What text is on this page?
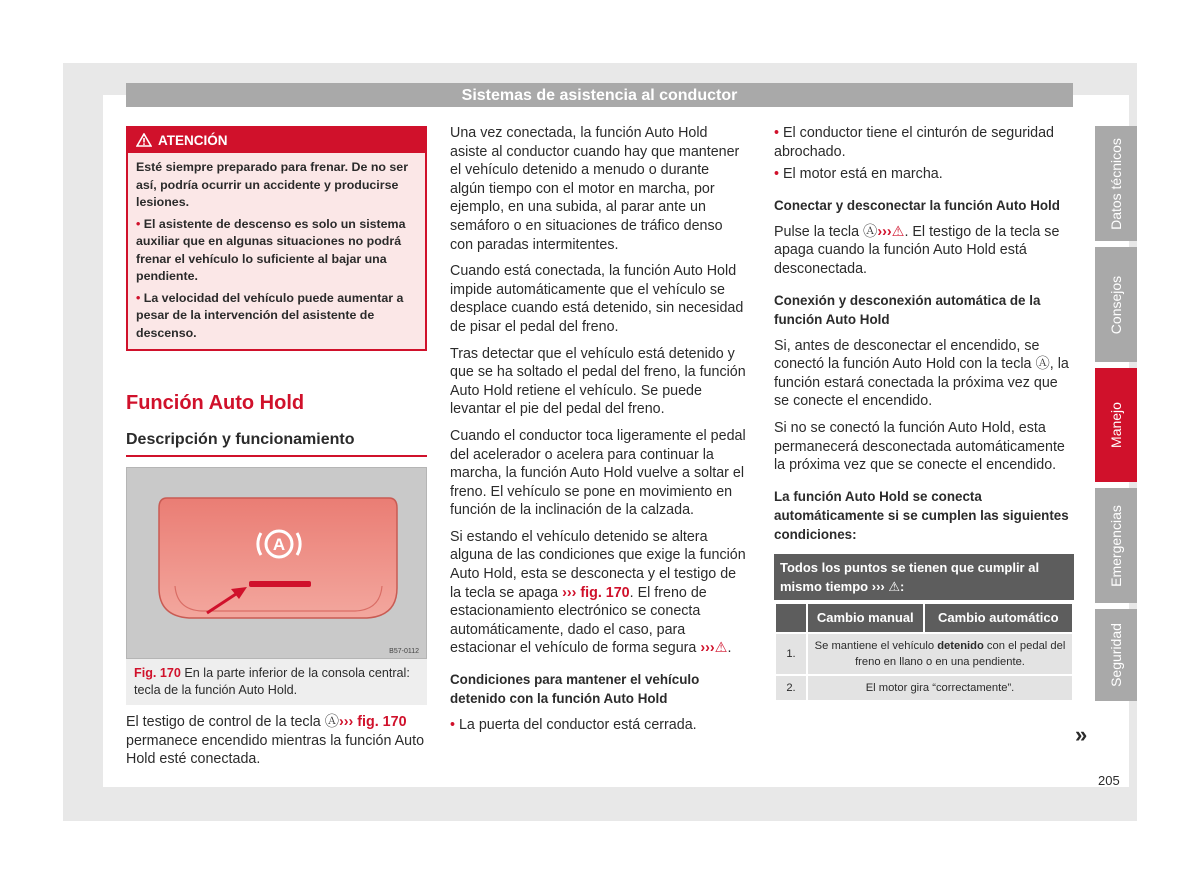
Sistemas de asistencia al conductor
ATENCIÓN
Esté siempre preparado para frenar. De no ser así, podría ocurrir un accidente y producirse lesiones.
• El asistente de descenso es solo un sistema auxiliar que en algunas situaciones no podrá frenar el vehículo lo suficiente al bajar una pendiente.
• La velocidad del vehículo puede aumentar a pesar de la intervención del asistente de descenso.
Función Auto Hold
Descripción y funcionamiento
A
B57-0112
Fig. 170 En la parte inferior de la consola central: tecla de la función Auto Hold.

El testigo de control de la tecla Ⓐ››› fig. 170 permanece encendido mientras la función Auto Hold esté conectada.

Una vez conectada, la función Auto Hold asiste al conductor cuando hay que mantener el vehículo detenido a menudo o durante algún tiempo con el motor en marcha, por ejemplo, en una subida, al parar ante un semáforo o en situaciones de tráfico denso con paradas intermitentes.

Cuando está conectada, la función Auto Hold impide automáticamente que el vehículo se desplace cuando está detenido, sin necesidad de pisar el pedal del freno.

Tras detectar que el vehículo está detenido y que se ha soltado el pedal del freno, la función Auto Hold retiene el vehículo. Se puede levantar el pie del pedal del freno.

Cuando el conductor toca ligeramente el pedal del acelerador o acelera para continuar la marcha, la función Auto Hold vuelve a soltar el freno. El vehículo se pone en movimiento en función de la inclinación de la calzada.

Si estando el vehículo detenido se altera alguna de las condiciones que exige la función Auto Hold, esta se desconecta y el testigo de la tecla se apaga ››› fig. 170. El freno de estacionamiento electrónico se conecta automáticamente, dado el caso, para estacionar el vehículo de forma segura ›››⚠.

Condiciones para mantener el vehículo detenido con la función Auto Hold

• La puerta del conductor está cerrada.

• El conductor tiene el cinturón de seguridad abrochado.

• El motor está en marcha.

Conectar y desconectar la función Auto Hold

Pulse la tecla Ⓐ›››⚠. El testigo de la tecla se apaga cuando la función Auto Hold está desconectada.

Conexión y desconexión automática de la función Auto Hold

Si, antes de desconectar el encendido, se conectó la función Auto Hold con la tecla Ⓐ, la función estará conectada la próxima vez que se conecte el encendido.

Si no se conectó la función Auto Hold, esta permanecerá desconectada automáticamente la próxima vez que se conecte el encendido.

La función Auto Hold se conecta automáticamente si se cumplen las siguientes condiciones:
Todos los puntos se tienen que cumplir al mismo tiempo ››› ⚠:
	Cambio manual	Cambio automático
1.	Se mantiene el vehículo detenido con el pedal del freno en llano o en una pendiente.	
2.	El motor gira “correctamente”.	
»
Datos técnicos
Consejos
Manejo
Emergencias
Seguridad
205
